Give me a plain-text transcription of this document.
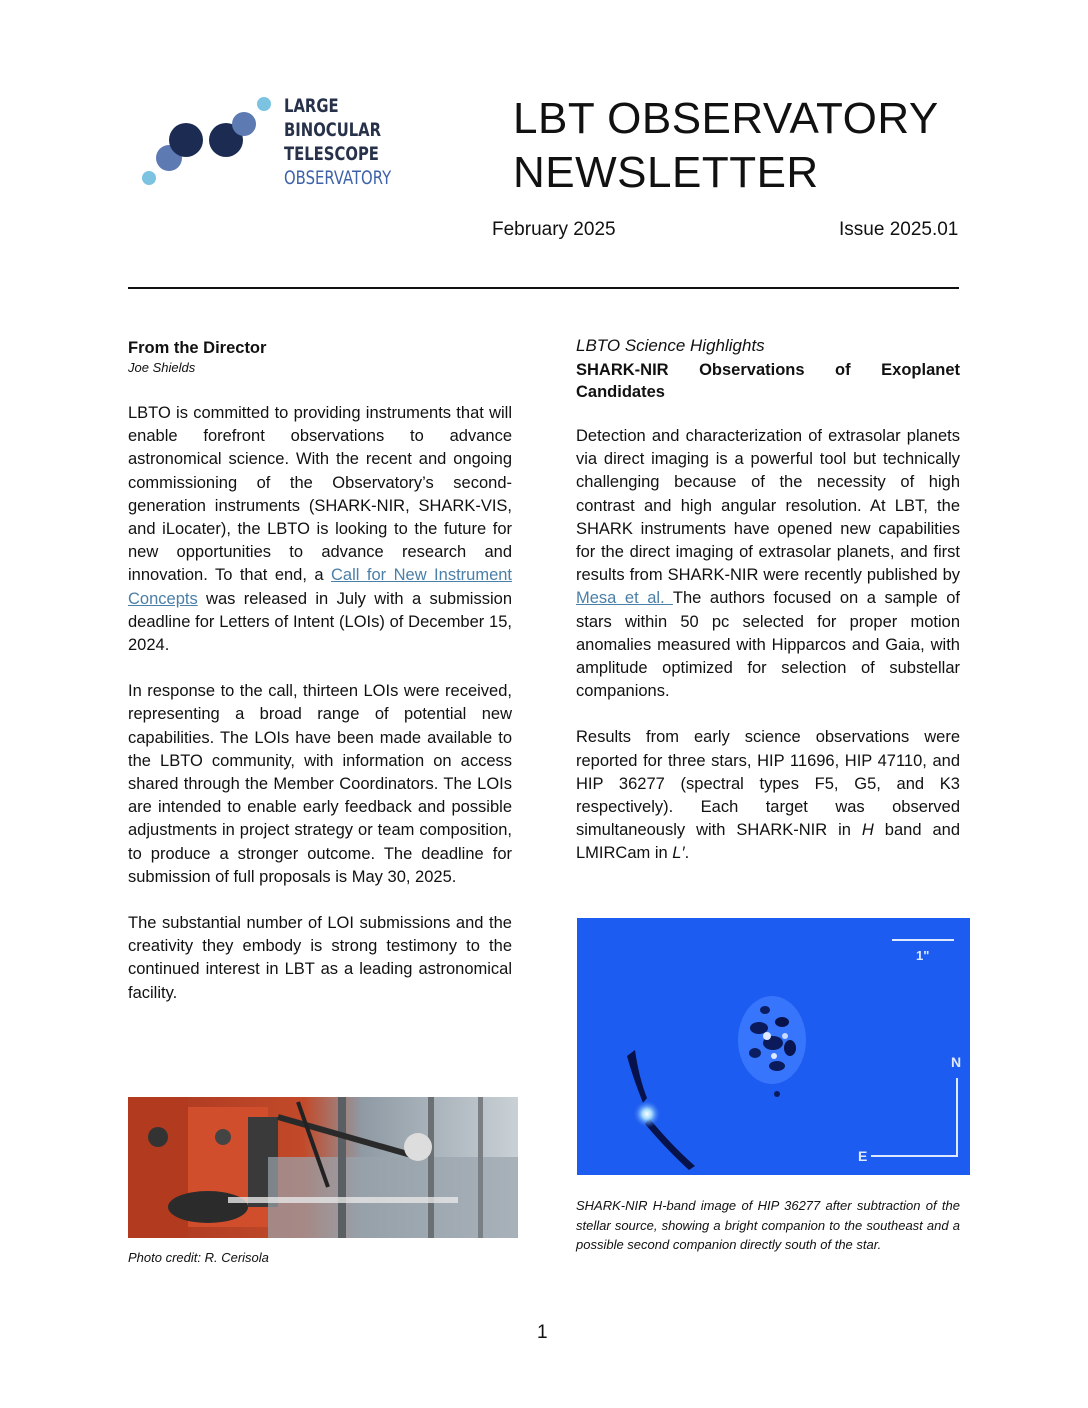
LARGE
BINOCULAR
TELESCOPE
OBSERVATORY
LBT OBSERVATORY
NEWSLETTER
February 2025	Issue 2025.01
From the Director
Joe Shields
LBTO is committed to providing instruments that will enable forefront observations to advance astronomical science. With the recent and ongoing commissioning of the Observatory’s second-generation instruments (SHARK-NIR, SHARK-VIS, and iLocater), the LBTO is looking to the future for new opportunities to advance research and innovation. To that end, a Call for New Instrument Concepts was released in July with a submission deadline for Letters of Intent (LOIs) of December 15, 2024.
In response to the call, thirteen LOIs were received, representing a broad range of potential new capabilities. The LOIs have been made available to the LBTO community, with information on access shared through the Member Coordinators. The LOIs are intended to enable early feedback and possible adjustments in project strategy or team composition, to produce a stronger outcome. The deadline for submission of full proposals is May 30, 2025.
The substantial number of LOI submissions and the creativity they embody is strong testimony to the continued interest in LBT as a leading astronomical facility.
Photo credit: R. Cerisola
LBTO Science Highlights
SHARK-NIR Observations of Exoplanet Candidates
Detection and characterization of extrasolar planets via direct imaging is a powerful tool but technically challenging because of the necessity of high contrast and high angular resolution. At LBT, the SHARK instruments have opened new capabilities for the direct imaging of extrasolar planets, and first results from SHARK-NIR were recently published by Mesa et al. The authors focused on a sample of stars within 50 pc selected for proper motion anomalies measured with Hipparcos and Gaia, with amplitude optimized for selection of substellar companions.
Results from early science observations were reported for three stars, HIP 11696, HIP 47110, and HIP 36277 (spectral types F5, G5, and K3 respectively). Each target was observed simultaneously with SHARK-NIR in H band and LMIRCam in L′.
1"
N
E
SHARK-NIR H-band image of HIP 36277 after subtraction of the stellar source, showing a bright companion to the southeast and a possible second companion directly south of the star.
1
